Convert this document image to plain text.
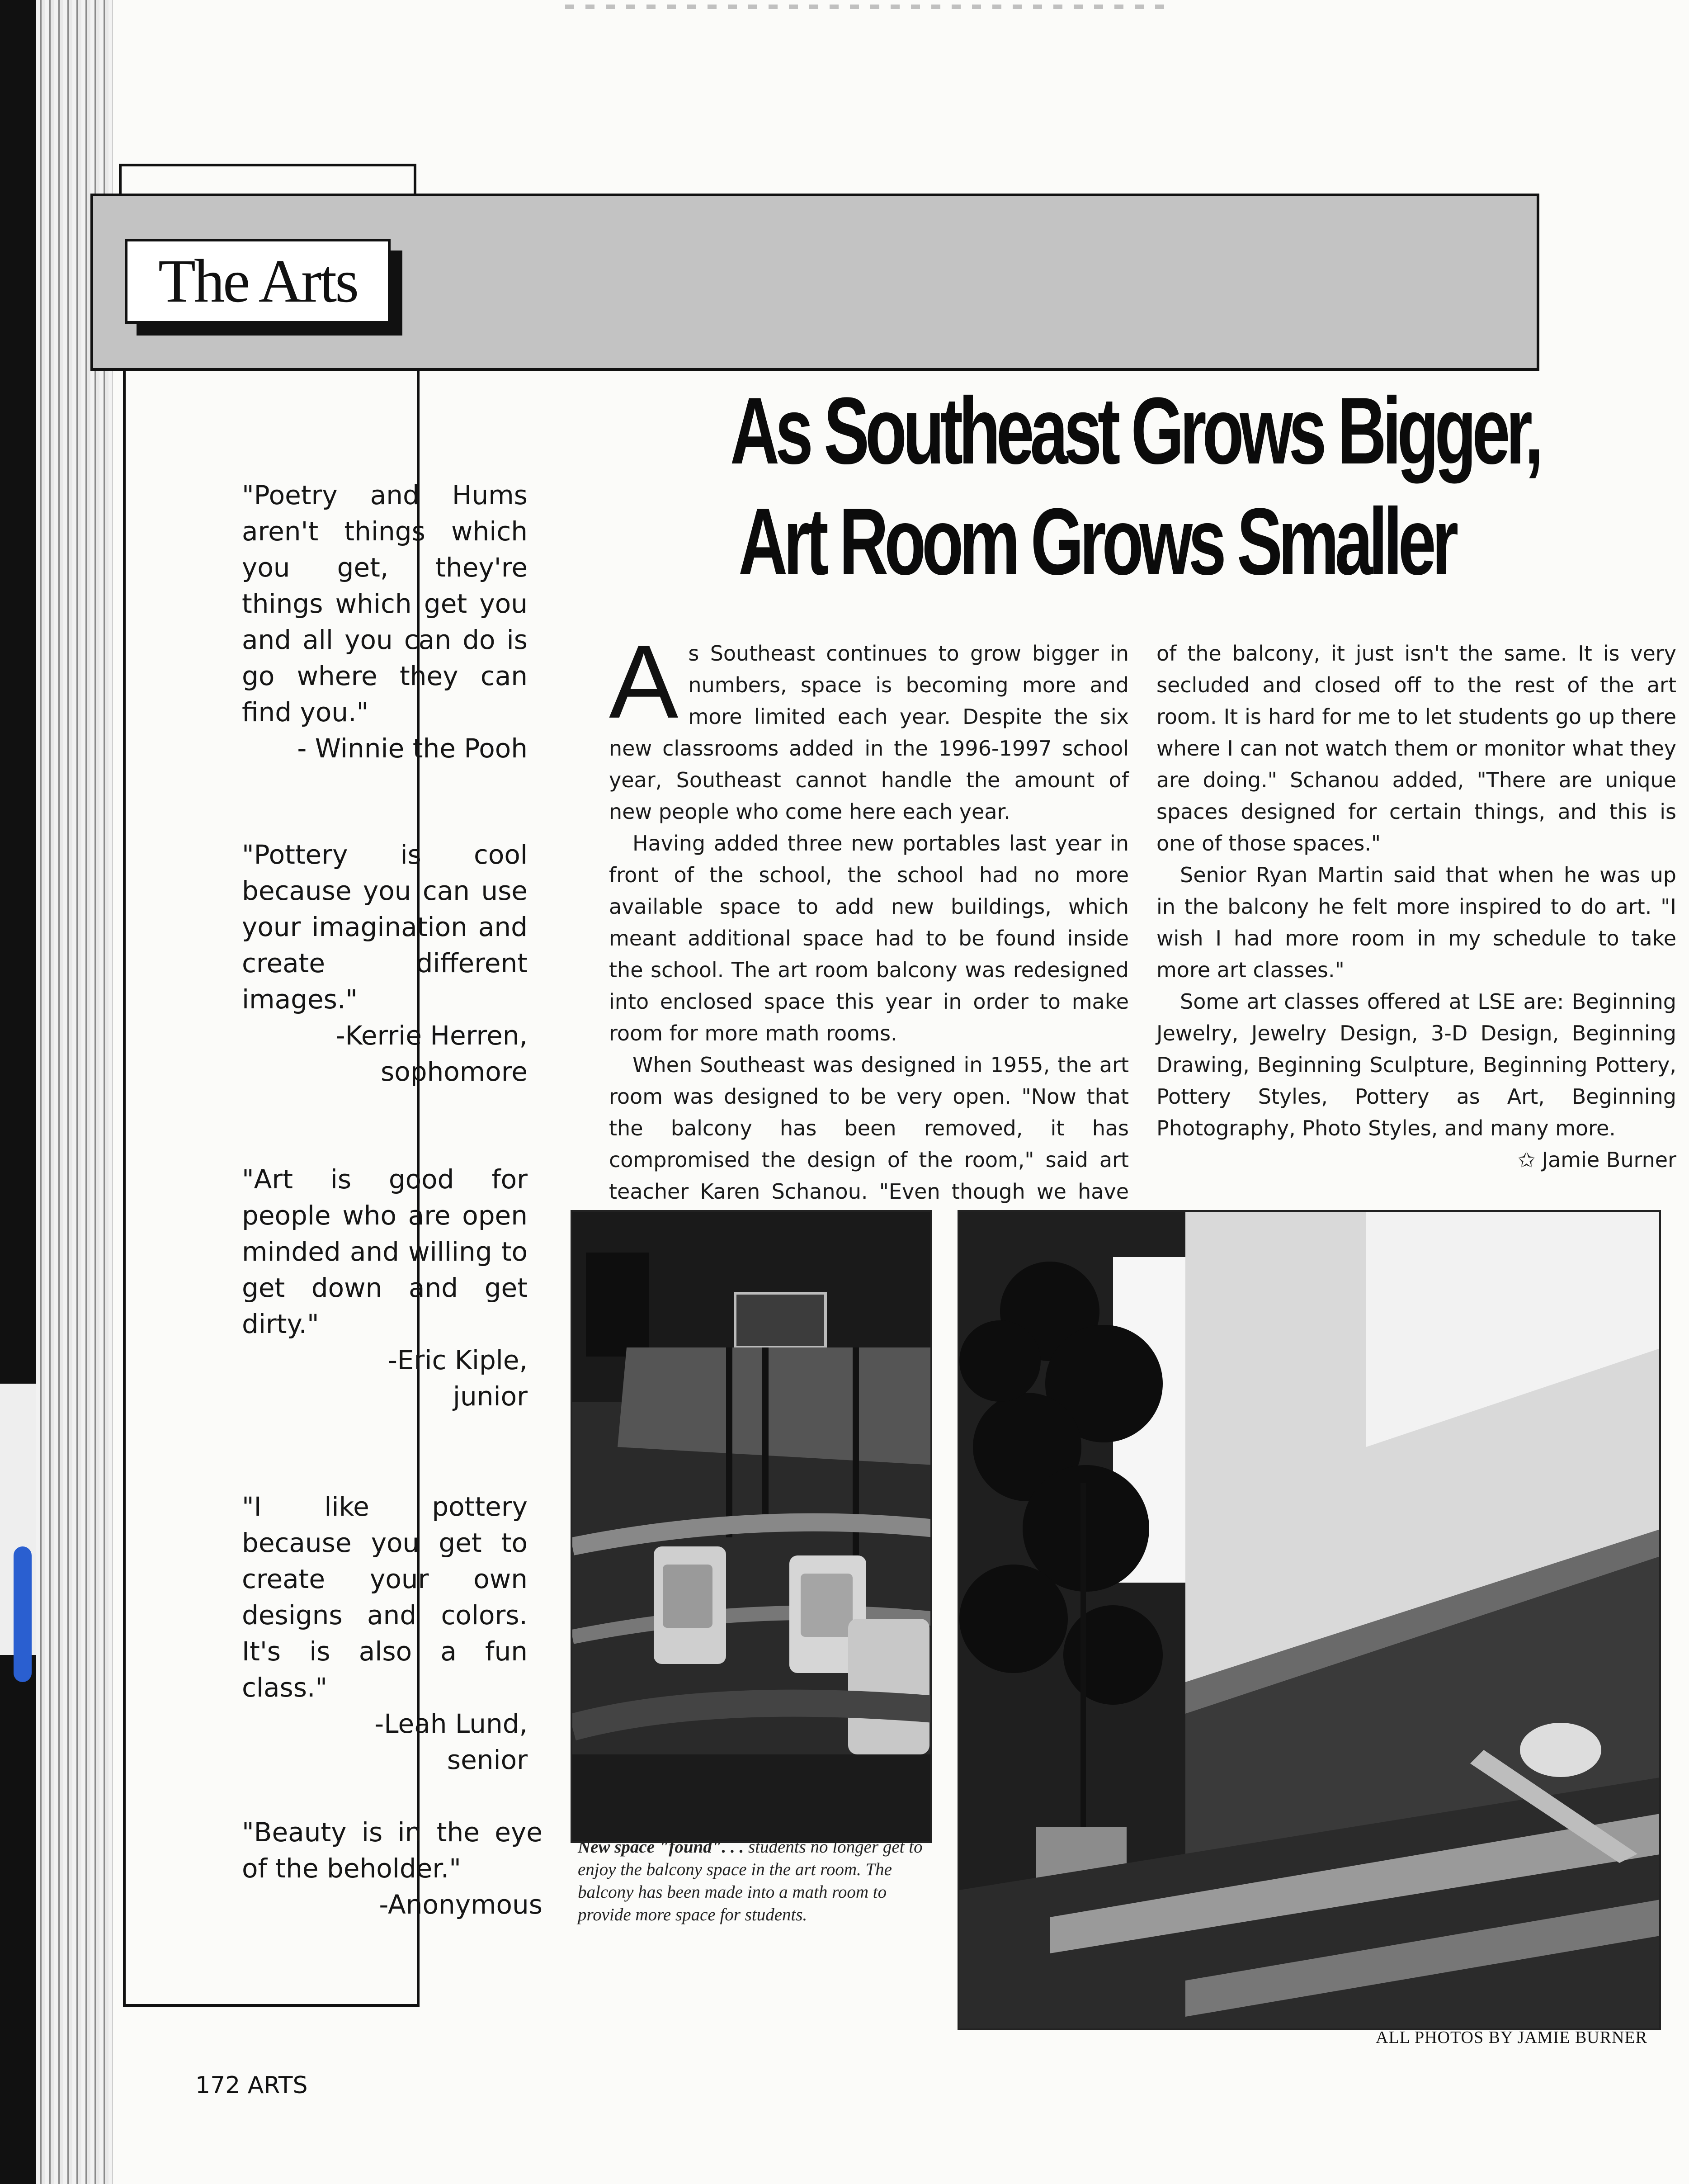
The Arts
"Poetry and Hums aren't things which you get, they're things which get you and all you can do is go where they can find you."
- Winnie the Pooh
"Pottery is cool because you can use your imagination and create different images."
-Kerrie Herren,
sophomore
"Art is good for people who are open minded and willing to get down and get dirty."
-Eric Kiple,
junior
"I like pottery because you get to create your own designs and colors. It's is also a fun class."
-Leah Lund,
senior
"Beauty is in the eye of the beholder."
-Anonymous
As Southeast Grows Bigger,
Art Room Grows Smaller

As Southeast continues to grow bigger in numbers, space is becoming more and more limited each year. Despite the six new classrooms added in the 1996-1997 school year, Southeast cannot handle the amount of new people who come here each year.

Having added three new portables last year in front of the school, the school had no more available space to add new buildings, which meant additional space had to be found inside the school. The art room balcony was redesigned into enclosed space this year in order to make room for more math rooms.

When Southeast was designed in 1955, the art room was designed to be very open. "Now that the balcony has been removed, it has compromised the design of the room," said art teacher Karen Schanou. "Even though we have

of the balcony, it just isn't the same. It is very secluded and closed off to the rest of the art room. It is hard for me to let students go up there where I can not watch them or monitor what they are doing." Schanou added, "There are unique spaces designed for certain things, and this is one of those spaces."

Senior Ryan Martin said that when he was up in the balcony he felt more inspired to do art. "I wish I had more room in my schedule to take more art classes."

Some art classes offered at LSE are: Beginning Jewelry, Jewelry Design, 3-D Design, Beginning Drawing, Beginning Sculpture, Beginning Pottery, Pottery Styles, Pottery as Art, Beginning Photography, Photo Styles, and many more.

✩ Jamie Burner

New space "found". . . students no longer get to enjoy the balcony space in the art room. The balcony has been made into a math room to provide more space for students.
ALL PHOTOS BY JAMIE BURNER
172 ARTS
